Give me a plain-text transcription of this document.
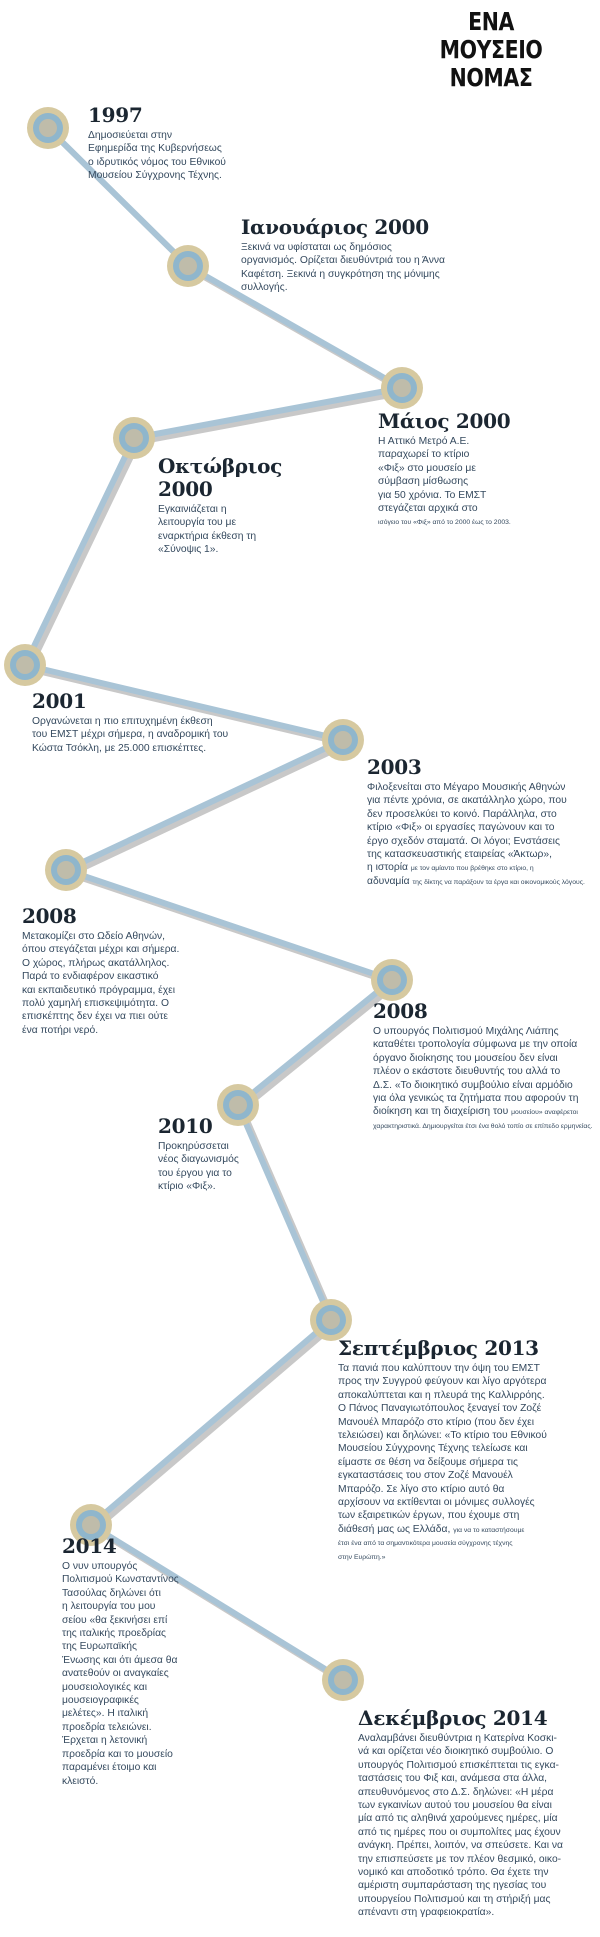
ΕΝΑ
ΜΟΥΣΕΙΟ
ΝΟΜΑΣ
1997

Δημοσιεύεται στην
Εφημερίδα της Κυβερνήσεως
ο ιδρυτικός νόμος του Εθνικού
Μουσείου Σύγχρονης Τέχνης.

Ιανουάριος 2000

Ξεκινά να υφίσταται ως δημόσιος
οργανισμός. Ορίζεται διευθύντριά του η Άννα
Καφέτση. Ξεκινά η συγκρότηση της μόνιμης
συλλογής.

Μάιος 2000

Η Αττικό Μετρό Α.Ε.
παραχωρεί το κτίριο
«Φιξ» στο μουσείο με
σύμβαση μίσθωσης
για 50 χρόνια. Το ΕΜΣΤ
στεγάζεται αρχικά στο
ισόγειο του «Φιξ» από το 2000 έως το 2003.

Οκτώβριος 2000

Εγκαινιάζεται η
λειτουργία του με
εναρκτήρια έκθεση τη
«Σύνοψις 1».

2001

Οργανώνεται η πιο επιτυχημένη έκθεση
του ΕΜΣΤ μέχρι σήμερα, η αναδρομική του
Κώστα Τσόκλη, με 25.000 επισκέπτες.

2003

Φιλοξενείται στο Μέγαρο Μουσικής Αθηνών
για πέντε χρόνια, σε ακατάλληλο χώρο, που
δεν προσελκύει το κοινό. Παράλληλα, στο
κτίριο «Φιξ» οι εργασίες παγώνουν και το
έργο σχεδόν σταματά. Οι λόγοι; Ενστάσεις
της κατασκευαστικής εταιρείας «Άκτωρ»,
η ιστορία με τον αμίαντο που βρέθηκε στο κτίριο, η
αδυναμία της δίκτης να παράξουν τα έργα και οικονομικούς λόγους.

2008

Μετακομίζει στο Ωδείο Αθηνών,
όπου στεγάζεται μέχρι και σήμερα.
Ο χώρος, πλήρως ακατάλληλος.
Παρά το ενδιαφέρον εικαστικό
και εκπαιδευτικό πρόγραμμα, έχει
πολύ χαμηλή επισκεψιμότητα. Ο
επισκέπτης δεν έχει να πιει ούτε
ένα ποτήρι νερό.

2008

Ο υπουργός Πολιτισμού Μιχάλης Λιάπης
καταθέτει τροπολογία σύμφωνα με την οποία
όργανο διοίκησης του μουσείου δεν είναι
πλέον ο εκάστοτε διευθυντής του αλλά το
Δ.Σ. «Το διοικητικό συμβούλιο είναι αρμόδιο
για όλα γενικώς τα ζητήματα που αφορούν τη
διοίκηση και τη διαχείριση του μουσείου» αναφέρετοι χαρακτηριστικά. Δημιουργείται έτσι ένα θολό τοπίο σε επίπεδο ερμηνείας.

2010

Προκηρύσσεται
νέος διαγωνισμός
του έργου για το
κτίριο «Φιξ».

Σεπτέμβριος 2013

Τα πανιά που καλύπτουν την όψη του ΕΜΣΤ
προς την Συγγρού φεύγουν και λίγο αργότερα
αποκαλύπτεται και η πλευρά της Καλλιρρόης.
Ο Πάνος Παναγιωτόπουλος ξεναγεί τον Ζοζέ
Μανουέλ Μπαρόζο στο κτίριο (που δεν έχει
τελειώσει) και δηλώνει: «Το κτίριο του Εθνικού
Μουσείου Σύγχρονης Τέχνης τελείωσε και
είμαστε σε θέση να δείξουμε σήμερα τις
εγκαταστάσεις του στον Ζοζέ Μανουέλ
Μπαρόζο. Σε λίγο στο κτίριο αυτό θα
αρχίσουν να εκτίθενται οι μόνιμες συλλογές
των εξαιρετικών έργων, που έχουμε στη
διάθεσή μας ως Ελλάδα, για να το καταστήσουμε
έτσι ένα από τα σημαντικότερα μουσεία σύγχρονης τέχνης
στην Ευρώπη.»

2014

Ο νυν υπουργός
Πολιτισμού Κωνσταντίνος
Τασούλας δηλώνει ότι
η λειτουργία του μου
σείου «θα ξεκινήσει επί
της ιταλικής προεδρίας
της Ευρωπαϊκής
Ένωσης και ότι άμεσα θα
ανατεθούν οι αναγκαίες
μουσειολογικές και
μουσειογραφικές
μελέτες». Η ιταλική
προεδρία τελειώνει.
Έρχεται η λετονική
προεδρία και το μουσείο
παραμένει έτοιμο και
κλειστό.

Δεκέμβριος 2014

Αναλαμβάνει διευθύντρια η Κατερίνα Κοσκι-
νά και ορίζεται νέο διοικητικό συμβούλιο. Ο
υπουργός Πολιτισμού επισκέπτεται τις εγκα-
ταστάσεις του Φιξ και, ανάμεσα στα άλλα,
απευθυνόμενος στο Δ.Σ. δηλώνει: «Η μέρα
των εγκαινίων αυτού του μουσείου θα είναι
μία από τις αληθινά χαρούμενες ημέρες, μία
από τις ημέρες που οι συμπολίτες μας έχουν
ανάγκη. Πρέπει, λοιπόν, να σπεύσετε. Και να
την επισπεύσετε με τον πλέον θεσμικό, οικο-
νομικό και αποδοτικό τρόπο. Θα έχετε την
αμέριστη συμπαράσταση της ηγεσίας του
υπουργείου Πολιτισμού και τη στήριξή μας
απέναντι στη γραφειοκρατία».
